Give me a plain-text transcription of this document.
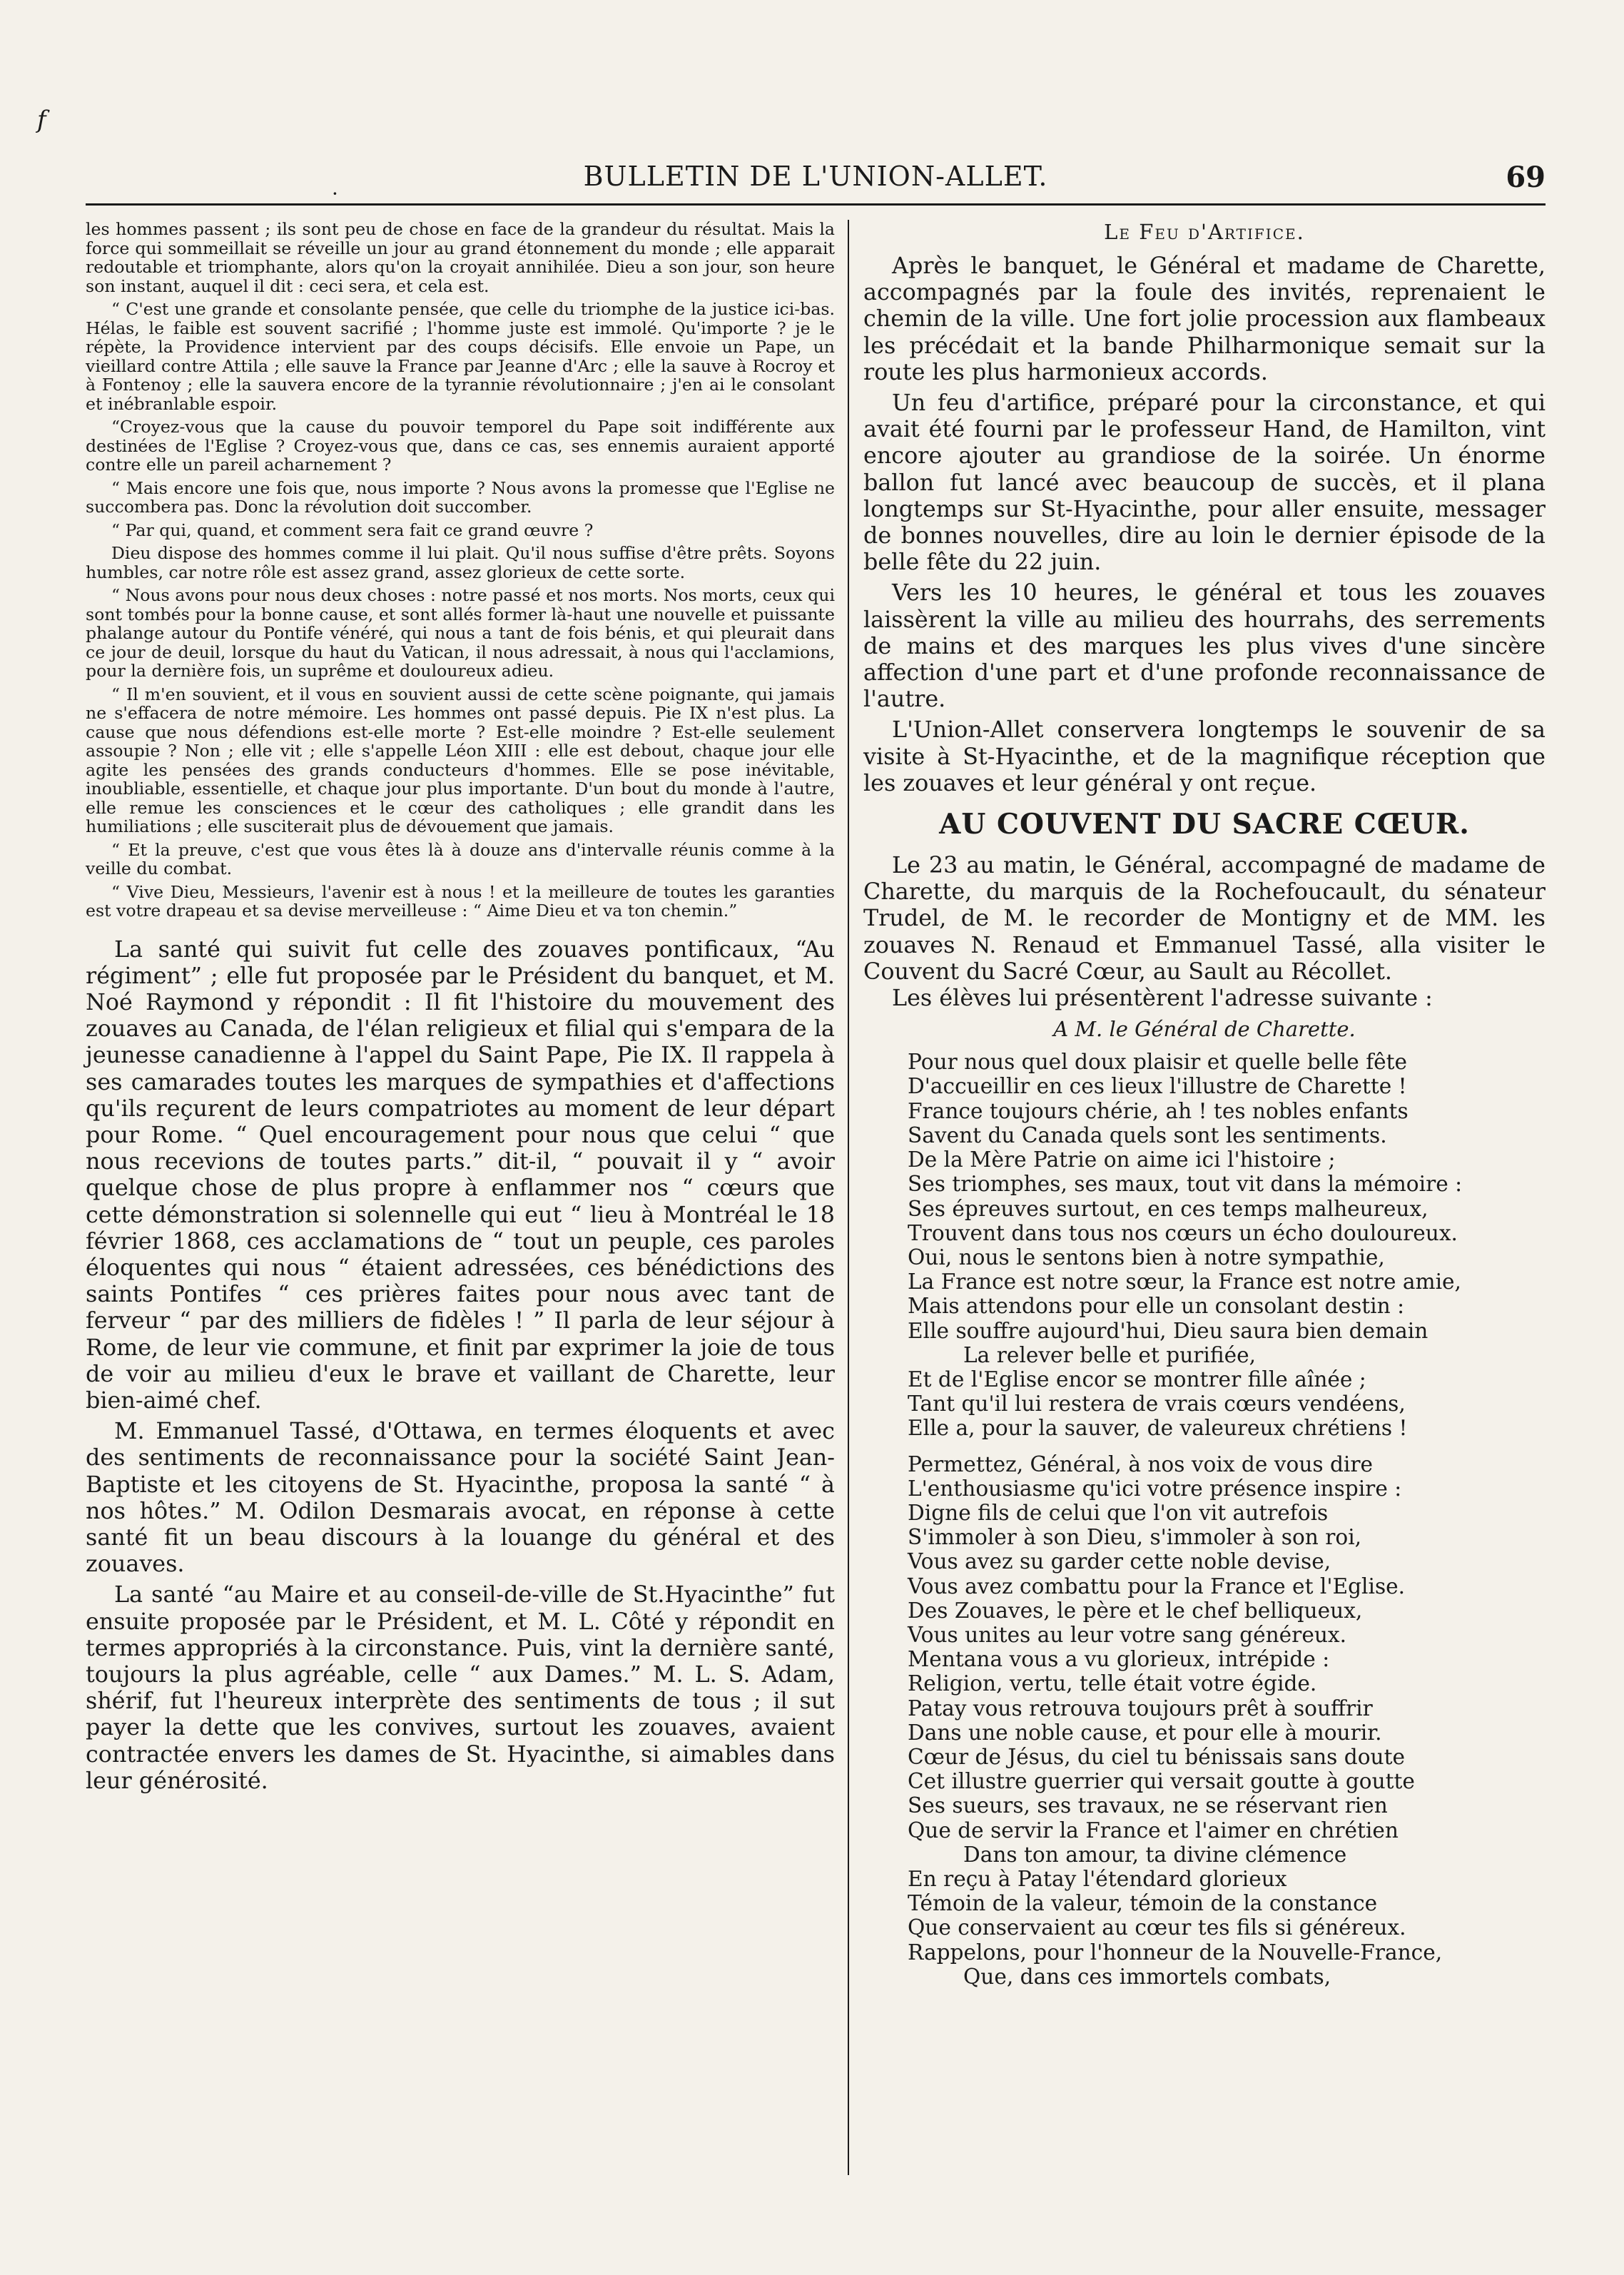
f
·
BULLETIN DE L'UNION-ALLET.	69

les hommes passent ; ils sont peu de chose en face de la grandeur du résultat. Mais la force qui sommeillait se réveille un jour au grand étonnement du monde ; elle apparait redoutable et triomphante, alors qu'on la croyait annihilée. Dieu a son jour, son heure son instant, auquel il dit : ceci sera, et cela est.

“ C'est une grande et consolante pensée, que celle du triomphe de la justice ici-bas. Hélas, le faible est souvent sacrifié ; l'homme juste est immolé. Qu'importe ? je le répète, la Providence intervient par des coups décisifs. Elle envoie un Pape, un vieillard contre Attila ; elle sauve la France par Jeanne d'Arc ; elle la sauve à Rocroy et à Fontenoy ; elle la sauvera encore de la tyrannie révolutionnaire ; j'en ai le consolant et inébranlable espoir.

“Croyez-vous que la cause du pouvoir temporel du Pape soit indifférente aux destinées de l'Eglise ? Croyez-vous que, dans ce cas, ses ennemis auraient apporté contre elle un pareil acharnement ?

“ Mais encore une fois que, nous importe ? Nous avons la promesse que l'Eglise ne succombera pas. Donc la révolution doit succomber.

“ Par qui, quand, et comment sera fait ce grand œuvre ?

Dieu dispose des hommes comme il lui plait. Qu'il nous suffise d'être prêts. Soyons humbles, car notre rôle est assez grand, assez glorieux de cette sorte.

“ Nous avons pour nous deux choses : notre passé et nos morts. Nos morts, ceux qui sont tombés pour la bonne cause, et sont allés former là-haut une nouvelle et puissante phalange autour du Pontife vénéré, qui nous a tant de fois bénis, et qui pleurait dans ce jour de deuil, lorsque du haut du Vatican, il nous adressait, à nous qui l'acclamions, pour la dernière fois, un suprême et douloureux adieu.

“ Il m'en souvient, et il vous en souvient aussi de cette scène poignante, qui jamais ne s'effacera de notre mémoire. Les hommes ont passé depuis. Pie IX n'est plus. La cause que nous défendions est-elle morte ? Est-elle moindre ? Est-elle seulement assoupie ? Non ; elle vit ; elle s'appelle Léon XIII : elle est debout, chaque jour elle agite les pensées des grands conducteurs d'hommes. Elle se pose inévitable, inoubliable, essentielle, et chaque jour plus importante. D'un bout du monde à l'autre, elle remue les consciences et le cœur des catholiques ; elle grandit dans les humiliations ; elle susciterait plus de dévouement que jamais.

“ Et la preuve, c'est que vous êtes là à douze ans d'intervalle réunis comme à la veille du combat.

“ Vive Dieu, Messieurs, l'avenir est à nous ! et la meilleure de toutes les garanties est votre drapeau et sa devise merveilleuse : “ Aime Dieu et va ton chemin.”

La santé qui suivit fut celle des zouaves pontificaux, “Au régiment” ; elle fut proposée par le Président du banquet, et M. Noé Raymond y répondit : Il fit l'histoire du mouvement des zouaves au Canada, de l'élan religieux et filial qui s'empara de la jeunesse canadienne à l'appel du Saint Pape, Pie IX. Il rappela à ses camarades toutes les marques de sympathies et d'affections qu'ils reçurent de leurs compatriotes au moment de leur départ pour Rome. “ Quel encouragement pour nous que celui “ que nous recevions de toutes parts.” dit-il, “ pouvait il y “ avoir quelque chose de plus propre à enflammer nos “ cœurs que cette démonstration si solennelle qui eut “ lieu à Montréal le 18 février 1868, ces acclamations de “ tout un peuple, ces paroles éloquentes qui nous “ étaient adressées, ces bénédictions des saints Pontifes “ ces prières faites pour nous avec tant de ferveur “ par des milliers de fidèles ! ” Il parla de leur séjour à Rome, de leur vie commune, et finit par exprimer la joie de tous de voir au milieu d'eux le brave et vaillant de Charette, leur bien-aimé chef.

M. Emmanuel Tassé, d'Ottawa, en termes éloquents et avec des sentiments de reconnaissance pour la société Saint Jean-Baptiste et les citoyens de St. Hyacinthe, proposa la santé “ à nos hôtes.” M. Odilon Desmarais avocat, en réponse à cette santé fit un beau discours à la louange du général et des zouaves.

La santé “au Maire et au conseil-de-ville de St.Hyacinthe” fut ensuite proposée par le Président, et M. L. Côté y répondit en termes appropriés à la circonstance. Puis, vint la dernière santé, toujours la plus agréable, celle “ aux Dames.” M. L. S. Adam, shérif, fut l'heureux interprète des sentiments de tous ; il sut payer la dette que les convives, surtout les zouaves, avaient contractée envers les dames de St. Hyacinthe, si aimables dans leur générosité.

Le Feu d'Artifice.

Après le banquet, le Général et madame de Charette, accompagnés par la foule des invités, reprenaient le chemin de la ville. Une fort jolie procession aux flambeaux les précédait et la bande Philharmonique semait sur la route les plus harmonieux accords.

Un feu d'artifice, préparé pour la circonstance, et qui avait été fourni par le professeur Hand, de Hamilton, vint encore ajouter au grandiose de la soirée. Un énorme ballon fut lancé avec beaucoup de succès, et il plana longtemps sur St-Hyacinthe, pour aller ensuite, messager de bonnes nouvelles, dire au loin le dernier épisode de la belle fête du 22 juin.

Vers les 10 heures, le général et tous les zouaves laissèrent la ville au milieu des hourrahs, des serrements de mains et des marques les plus vives d'une sincère affection d'une part et d'une profonde reconnaissance de l'autre.

L'Union-Allet conservera longtemps le souvenir de sa visite à St-Hyacinthe, et de la magnifique réception que les zouaves et leur général y ont reçue.

AU COUVENT DU SACRE CŒUR.

Le 23 au matin, le Général, accompagné de madame de Charette, du marquis de la Rochefoucault, du sénateur Trudel, de M. le recorder de Montigny et de MM. les zouaves N. Renaud et Emmanuel Tassé, alla visiter le Couvent du Sacré Cœur, au Sault au Récollet.

Les élèves lui présentèrent l'adresse suivante :

A M. le Général de Charette.
Pour nous quel doux plaisir et quelle belle fête
D'accueillir en ces lieux l'illustre de Charette !
France toujours chérie, ah ! tes nobles enfants
Savent du Canada quels sont les sentiments.
De la Mère Patrie on aime ici l'histoire ;
Ses triomphes, ses maux, tout vit dans la mémoire :
Ses épreuves surtout, en ces temps malheureux,
Trouvent dans tous nos cœurs un écho douloureux.
Oui, nous le sentons bien à notre sympathie,
La France est notre sœur, la France est notre amie,
Mais attendons pour elle un consolant destin :
Elle souffre aujourd'hui, Dieu saura bien demain
La relever belle et purifiée,
Et de l'Eglise encor se montrer fille aînée ;
Tant qu'il lui restera de vrais cœurs vendéens,
Elle a, pour la sauver, de valeureux chrétiens !
Permettez, Général, à nos voix de vous dire
L'enthousiasme qu'ici votre présence inspire :
Digne fils de celui que l'on vit autrefois
S'immoler à son Dieu, s'immoler à son roi,
Vous avez su garder cette noble devise,
Vous avez combattu pour la France et l'Eglise.
Des Zouaves, le père et le chef belliqueux,
Vous unites au leur votre sang généreux.
Mentana vous a vu glorieux, intrépide :
Religion, vertu, telle était votre égide.
Patay vous retrouva toujours prêt à souffrir
Dans une noble cause, et pour elle à mourir.
Cœur de Jésus, du ciel tu bénissais sans doute
Cet illustre guerrier qui versait goutte à goutte
Ses sueurs, ses travaux, ne se réservant rien
Que de servir la France et l'aimer en chrétien
Dans ton amour, ta divine clémence
En reçu à Patay l'étendard glorieux
Témoin de la valeur, témoin de la constance
Que conservaient au cœur tes fils si généreux.
Rappelons, pour l'honneur de la Nouvelle-France,
Que, dans ces immortels combats,
